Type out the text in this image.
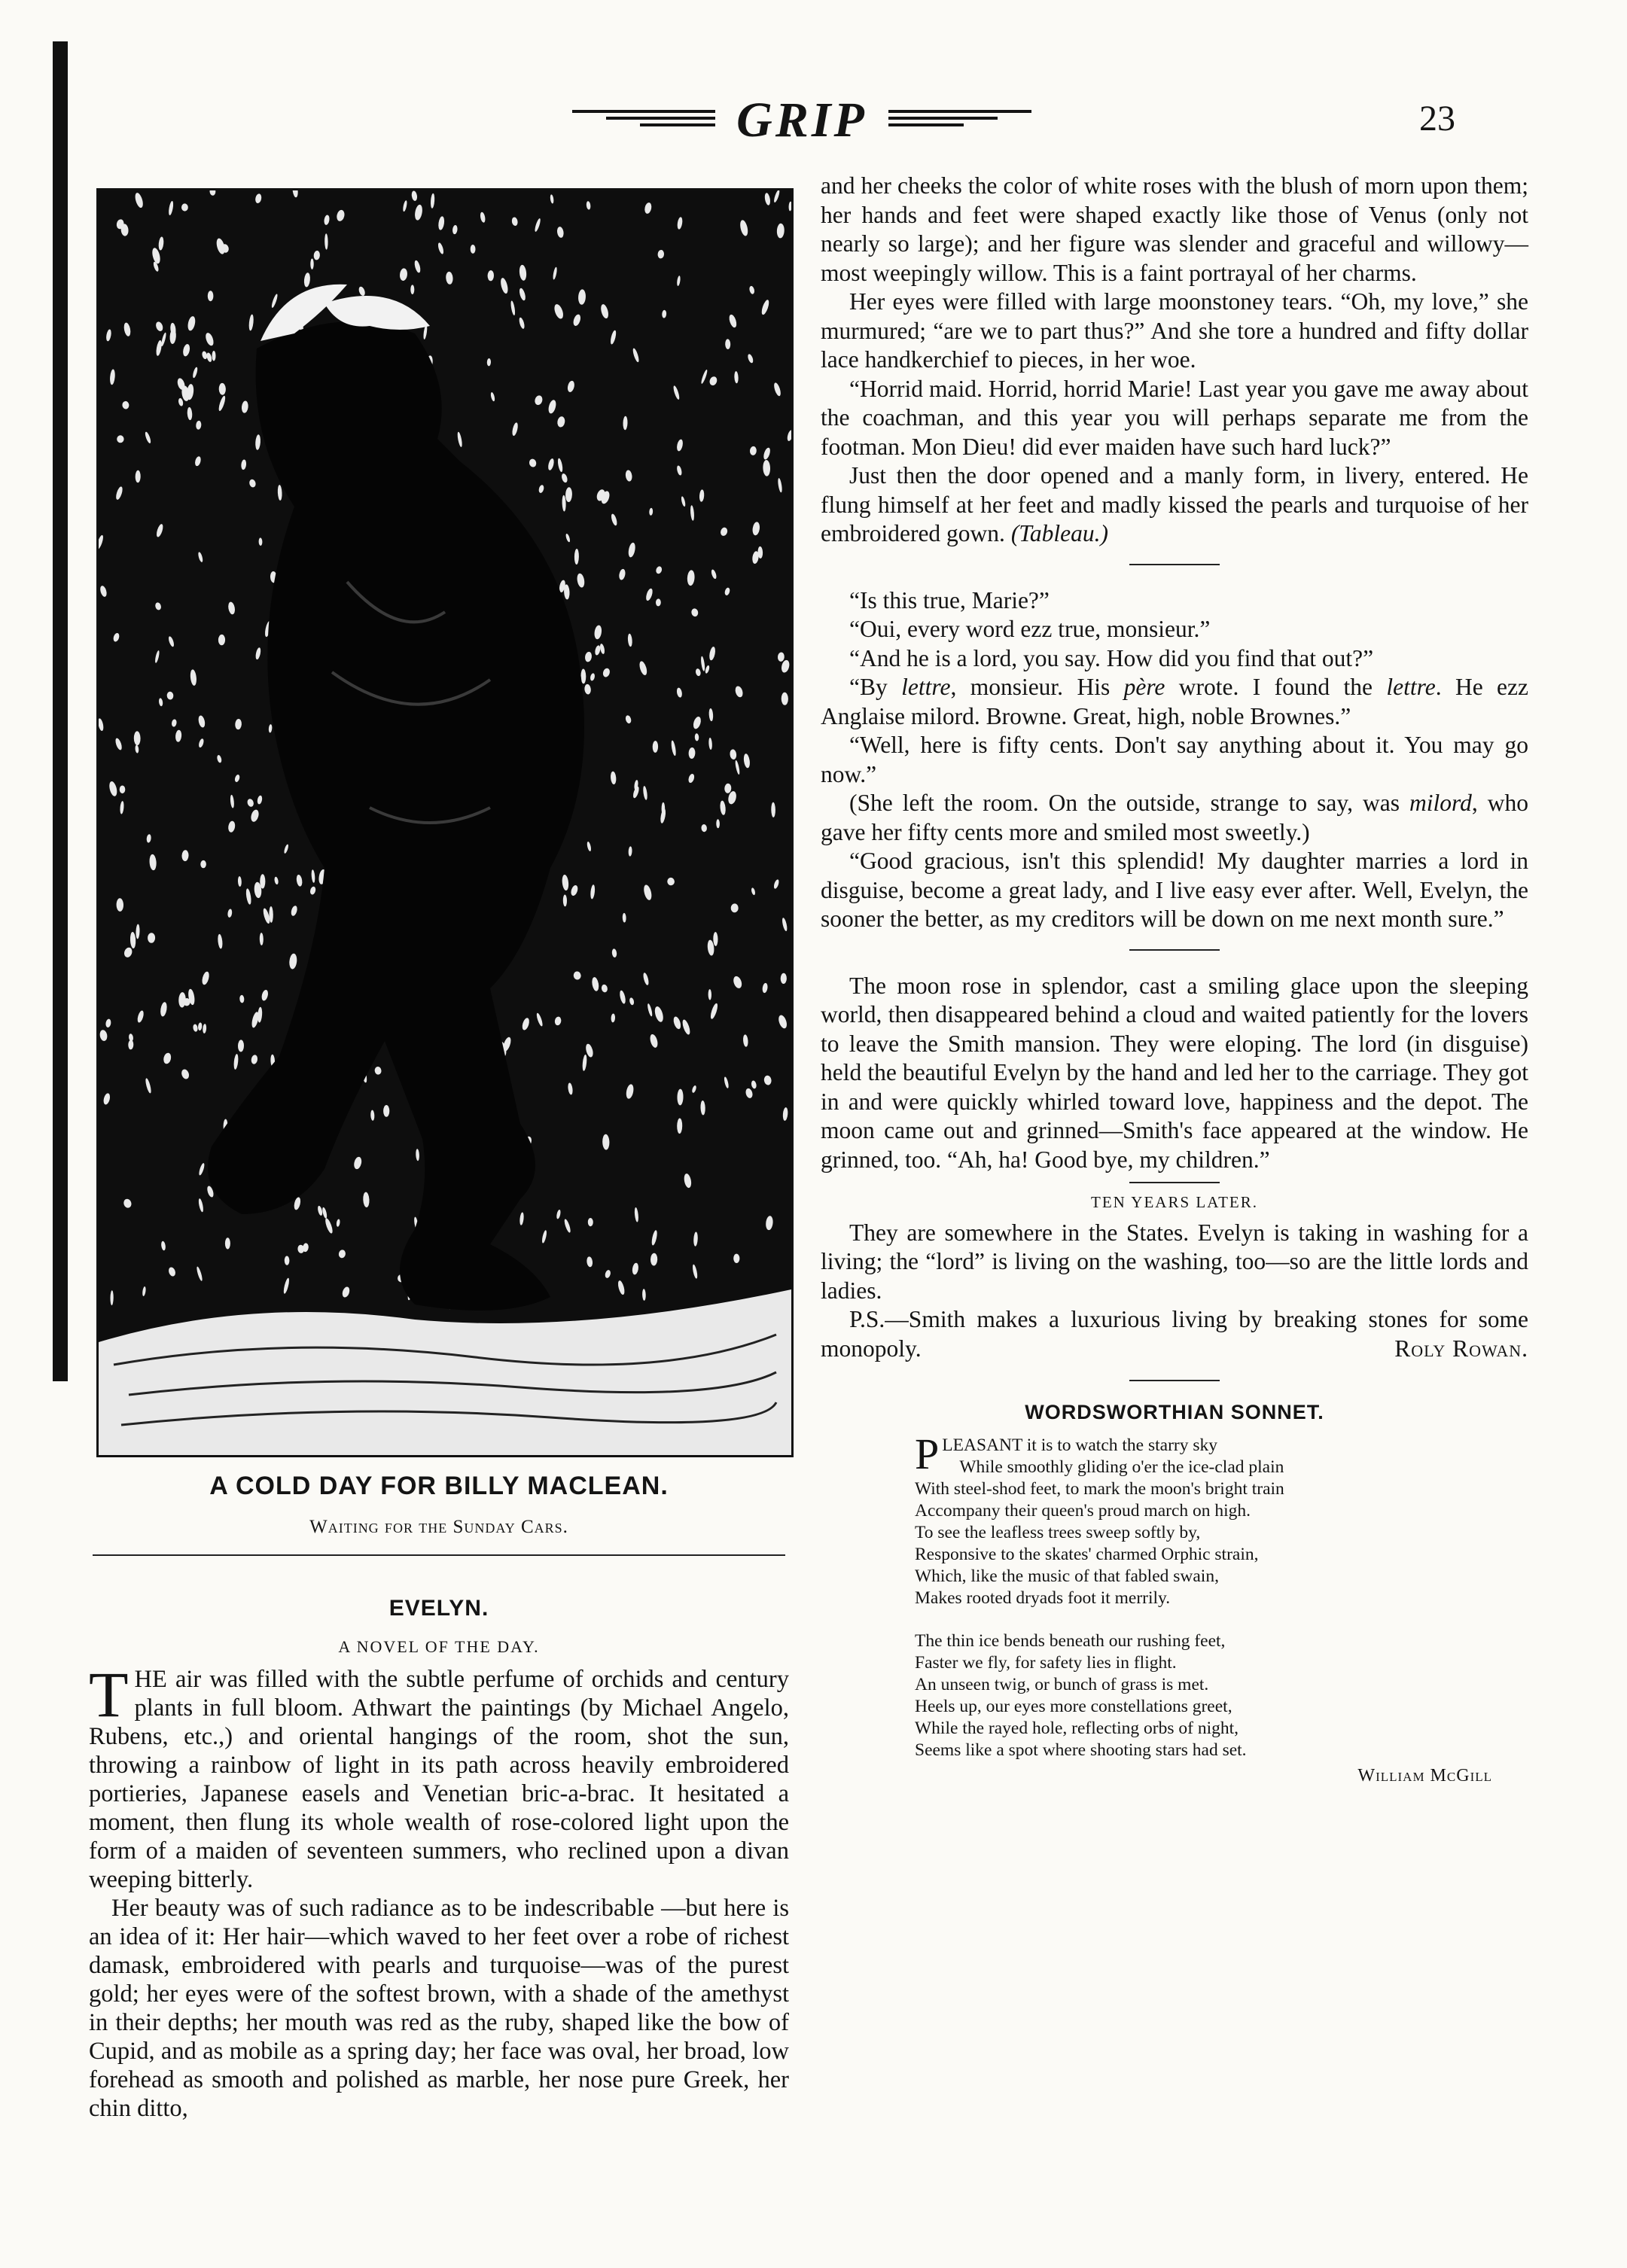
GRIP	23
A COLD DAY FOR BILLY MACLEAN.
Waiting for the Sunday Cars.
EVELYN.
A NOVEL OF THE DAY.

THE air was filled with the subtle perfume of orchids and century plants in full bloom. Athwart the paintings (by Michael Angelo, Rubens, etc.,) and oriental hangings of the room, shot the sun, throwing a rainbow of light in its path across heavily embroidered portieries, Japanese easels and Venetian bric-a-brac. It hesitated a moment, then flung its whole wealth of rose-colored light upon the form of a maiden of seventeen summers, who reclined upon a divan weeping bitterly.

Her beauty was of such radiance as to be indescribable —but here is an idea of it: Her hair—which waved to her feet over a robe of richest damask, embroidered with pearls and turquoise—was of the purest gold; her eyes were of the softest brown, with a shade of the amethyst in their depths; her mouth was red as the ruby, shaped like the bow of Cupid, and as mobile as a spring day; her face was oval, her broad, low forehead as smooth and polished as marble, her nose pure Greek, her chin ditto,

and her cheeks the color of white roses with the blush of morn upon them; her hands and feet were shaped exactly like those of Venus (only not nearly so large); and her figure was slender and graceful and willowy—most weepingly willow. This is a faint portrayal of her charms.

Her eyes were filled with large moonstoney tears. “Oh, my love,” she murmured; “are we to part thus?” And she tore a hundred and fifty dollar lace handkerchief to pieces, in her woe.

“Horrid maid. Horrid, horrid Marie! Last year you gave me away about the coachman, and this year you will perhaps separate me from the footman. Mon Dieu! did ever maiden have such hard luck?”

Just then the door opened and a manly form, in livery, entered. He flung himself at her feet and madly kissed the pearls and turquoise of her embroidered gown. (Tableau.)

“Is this true, Marie?”

“Oui, every word ezz true, monsieur.”

“And he is a lord, you say. How did you find that out?”

“By lettre, monsieur. His père wrote. I found the lettre. He ezz Anglaise milord. Browne. Great, high, noble Brownes.”

“Well, here is fifty cents. Don't say anything about it. You may go now.”

(She left the room. On the outside, strange to say, was milord, who gave her fifty cents more and smiled most sweetly.)

“Good gracious, isn't this splendid! My daughter marries a lord in disguise, become a great lady, and I live easy ever after. Well, Evelyn, the sooner the better, as my creditors will be down on me next month sure.”

The moon rose in splendor, cast a smiling glace upon the sleeping world, then disappeared behind a cloud and waited patiently for the lovers to leave the Smith mansion. They were eloping. The lord (in disguise) held the beautiful Evelyn by the hand and led her to the carriage. They got in and were quickly whirled toward love, happiness and the depot. The moon came out and grinned—Smith's face appeared at the window. He grinned, too. “Ah, ha! Good bye, my children.”

TEN YEARS LATER.

They are somewhere in the States. Evelyn is taking in washing for a living; the “lord” is living on the washing, too—so are the little lords and ladies.

P.S.—Smith makes a luxurious living by breaking stones for some monopoly.	Roly Rowan.

WORDSWORTHIAN SONNET.
PLEASANT it is to watch the starry sky
While smoothly gliding o'er the ice-clad plain
With steel-shod feet, to mark the moon's bright train
Accompany their queen's proud march on high.
To see the leafless trees sweep softly by,
Responsive to the skates' charmed Orphic strain,
Which, like the music of that fabled swain,
Makes rooted dryads foot it merrily.
The thin ice bends beneath our rushing feet,
Faster we fly, for safety lies in flight.
An unseen twig, or bunch of grass is met.
Heels up, our eyes more constellations greet,
While the rayed hole, reflecting orbs of night,
Seems like a spot where shooting stars had set.
William McGill
